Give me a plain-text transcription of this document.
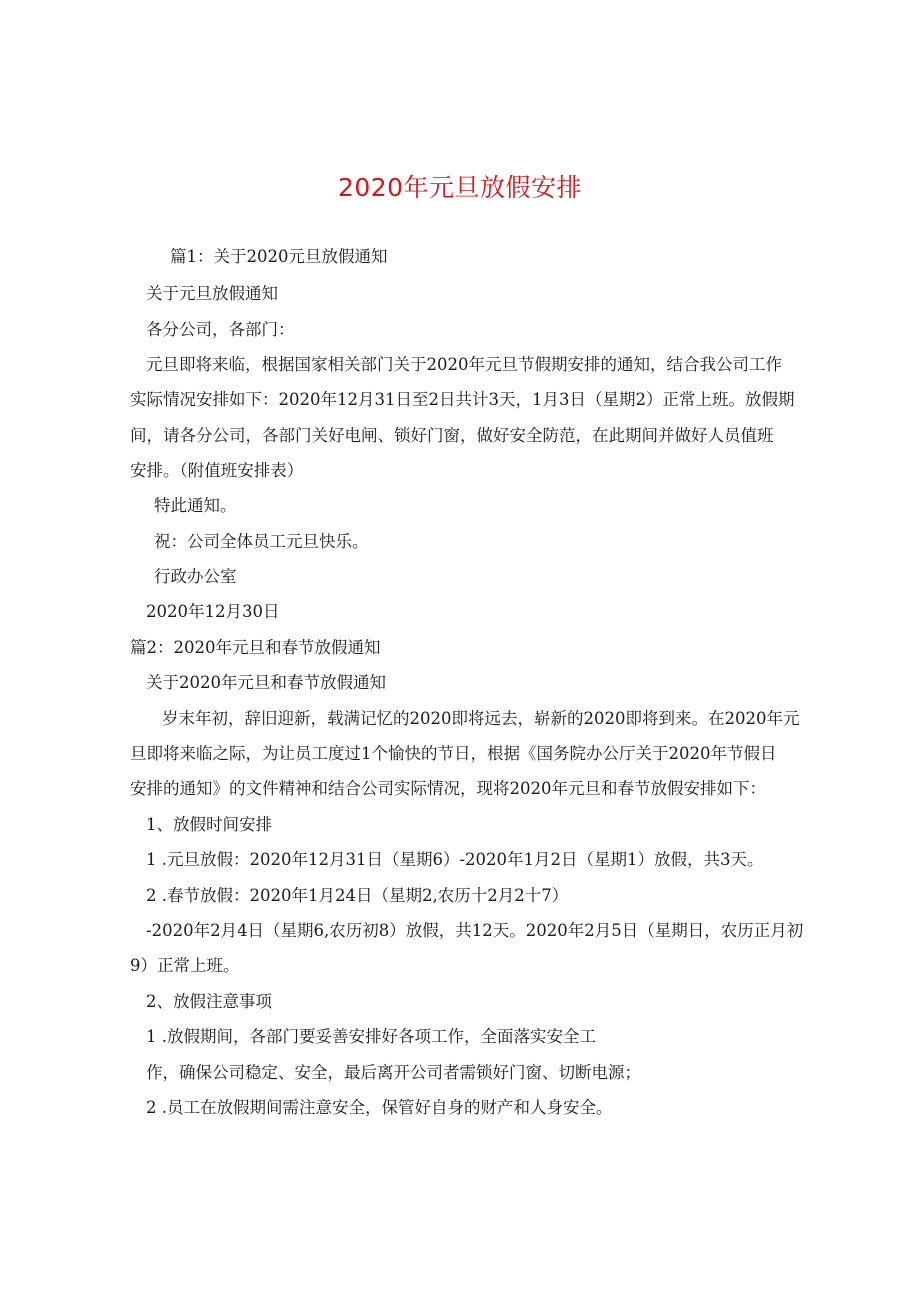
2020年元旦放假安排
篇1：关于2020元旦放假通知
关于元旦放假通知
各分公司，各部门：
元旦即将来临，根据国家相关部门关于2020年元旦节假期安排的通知，结合我公司工作
实际情况安排如下：2020年12月31日至2日共计3天，1月3日（星期2）正常上班。放假期
间，请各分公司，各部门关好电闸、锁好门窗，做好安全防范，在此期间并做好人员值班
安排。（附值班安排表）
特此通知。
祝：公司全体员工元旦快乐。
行政办公室
2020年12月30日
篇2：2020年元旦和春节放假通知
关于2020年元旦和春节放假通知
岁末年初，辞旧迎新，载满记忆的2020即将远去，崭新的2020即将到来。在2020年元
旦即将来临之际，为让员工度过1个愉快的节日，根据《国务院办公厅关于2020年节假日
安排的通知》的文件精神和结合公司实际情况，现将2020年元旦和春节放假安排如下：
1、放假时间安排
1 .元旦放假：2020年12月31日（星期6）-2020年1月2日（星期1）放假，共3天。
2 .春节放假：2020年1月24日（星期2,农历十2月2十7）
-2020年2月4日（星期6,农历初8）放假，共12天。2020年2月5日（星期日，农历正月初
9）正常上班。
2、放假注意事项
1 .放假期间，各部门要妥善安排好各项工作，全面落实安全工
作，确保公司稳定、安全，最后离开公司者需锁好门窗、切断电源；
2 .员工在放假期间需注意安全，保管好自身的财产和人身安全。
